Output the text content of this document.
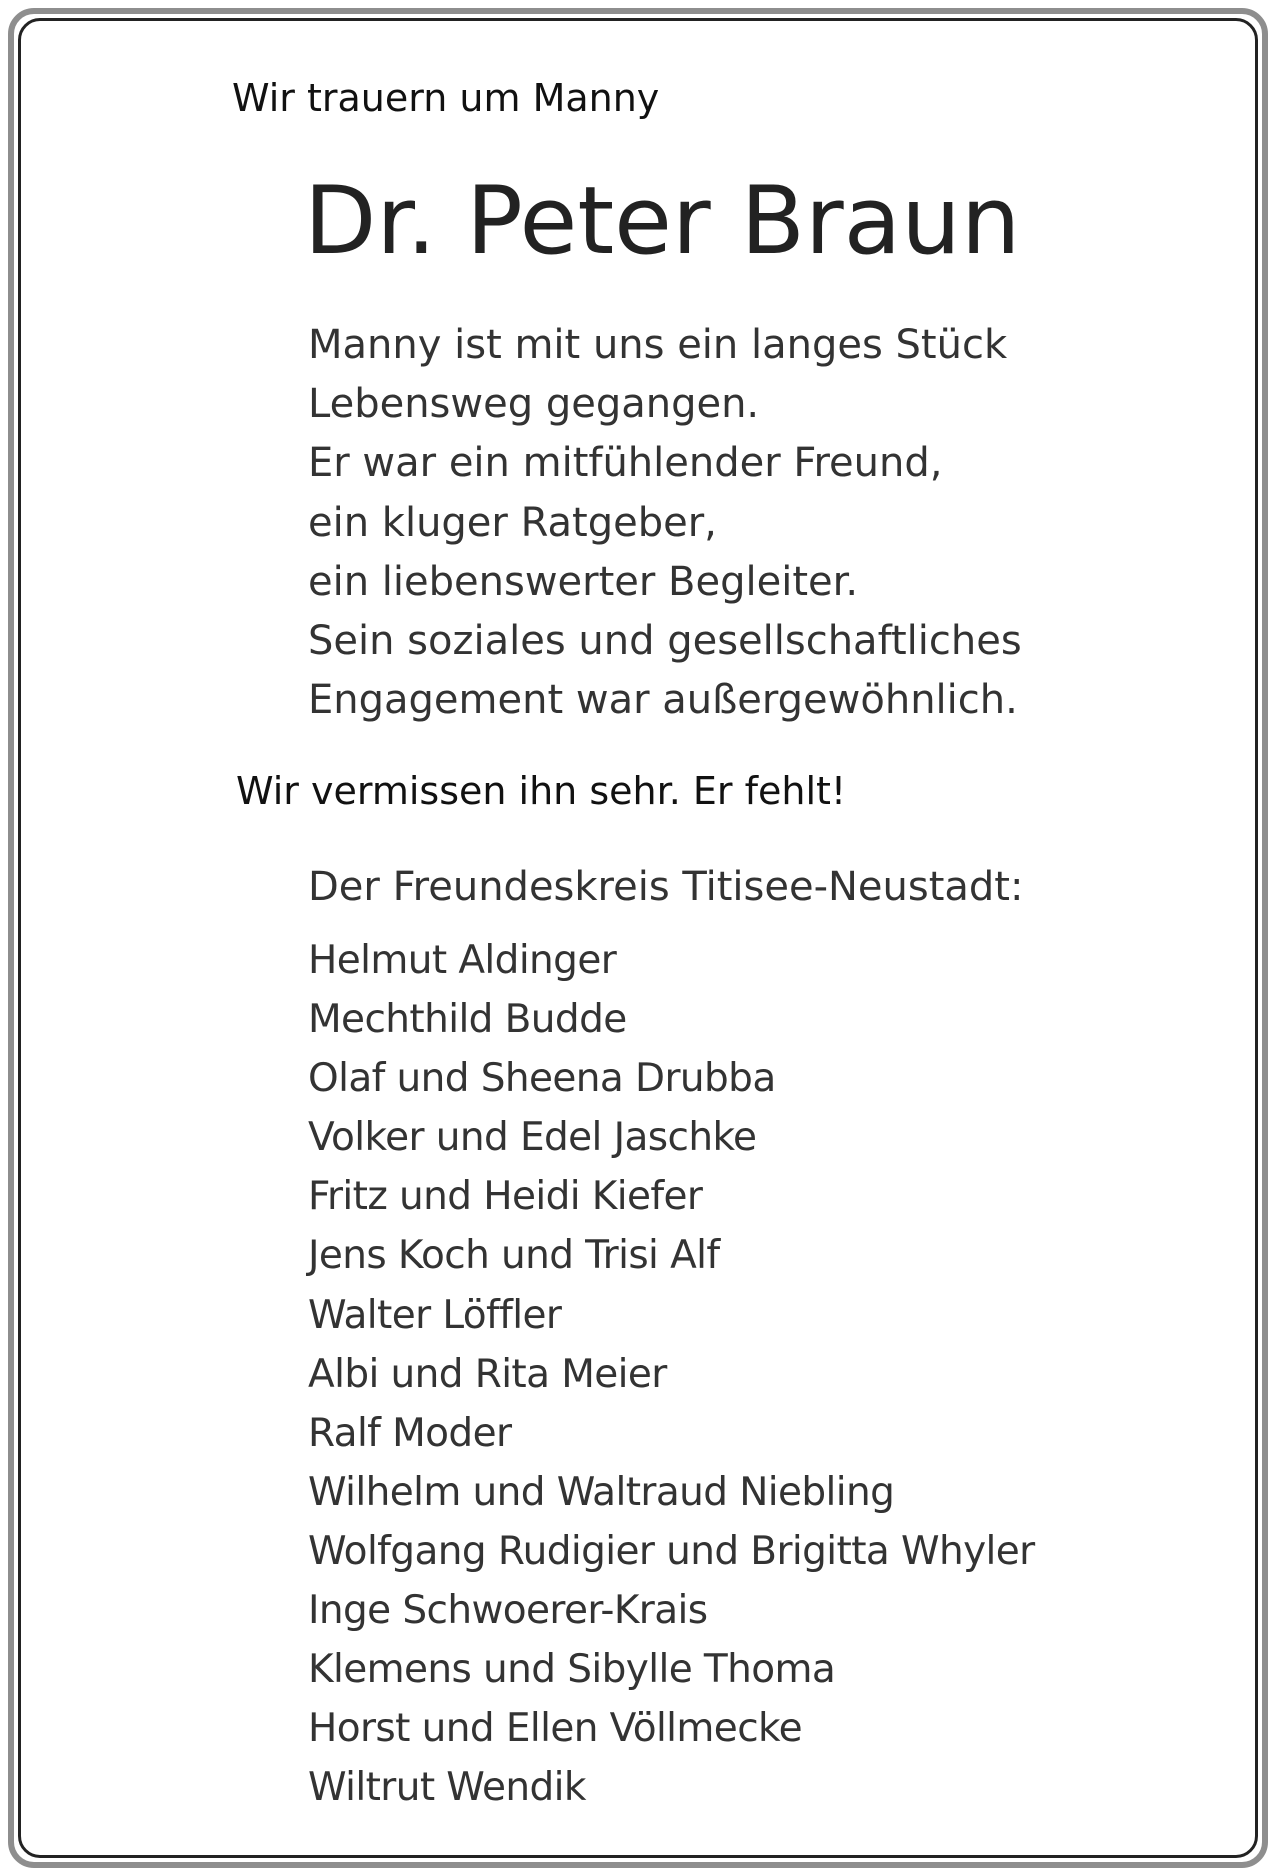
Wir trauern um Manny
Dr. Peter Braun
Manny ist mit uns ein langes Stück
Lebensweg gegangen.
Er war ein mitfühlender Freund,
ein kluger Ratgeber,
ein liebenswerter Begleiter.
Sein soziales und gesellschaftliches
Engagement war außergewöhnlich.
Wir vermissen ihn sehr. Er fehlt!
Der Freundeskreis Titisee-Neustadt:
Helmut Aldinger
Mechthild Budde
Olaf und Sheena Drubba
Volker und Edel Jaschke
Fritz und Heidi Kiefer
Jens Koch und Trisi Alf
Walter Löffler
Albi und Rita Meier
Ralf Moder
Wilhelm und Waltraud Niebling
Wolfgang Rudigier und Brigitta Whyler
Inge Schwoerer-Krais
Klemens und Sibylle Thoma
Horst und Ellen Völlmecke
Wiltrut Wendik
